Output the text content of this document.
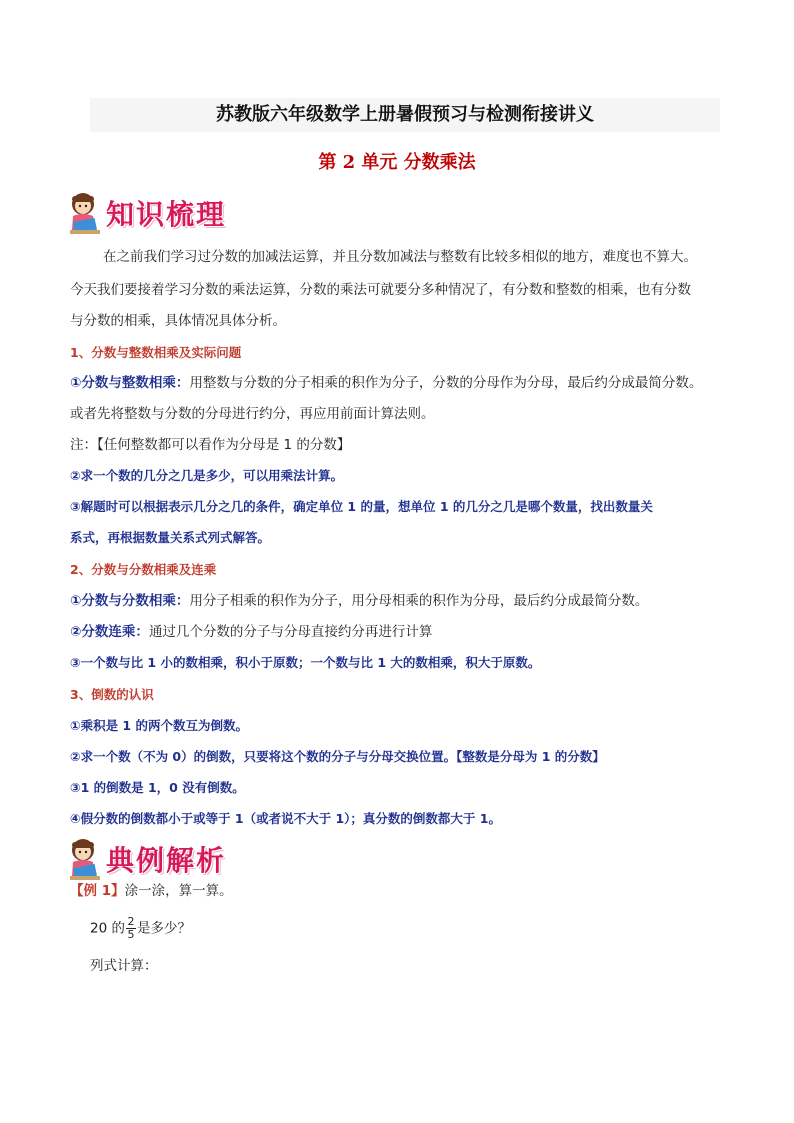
苏教版六年级数学上册暑假预习与检测衔接讲义
第 2 单元 分数乘法
知识梳理
在之前我们学习过分数的加减法运算，并且分数加减法与整数有比较多相似的地方，难度也不算大。
今天我们要接着学习分数的乘法运算，分数的乘法可就要分多种情况了，有分数和整数的相乘，也有分数
与分数的相乘，具体情况具体分析。
1、分数与整数相乘及实际问题
①分数与整数相乘：用整数与分数的分子相乘的积作为分子，分数的分母作为分母，最后约分成最简分数。
或者先将整数与分数的分母进行约分，再应用前面计算法则。
注：【任何整数都可以看作为分母是 1 的分数】
②求一个数的几分之几是多少，可以用乘法计算。
③解题时可以根据表示几分之几的条件，确定单位 1 的量，想单位 1 的几分之几是哪个数量，找出数量关
系式，再根据数量关系式列式解答。
2、分数与分数相乘及连乘
①分数与分数相乘：用分子相乘的积作为分子，用分母相乘的积作为分母，最后约分成最简分数。
②分数连乘：通过几个分数的分子与分母直接约分再进行计算
③一个数与比 1 小的数相乘，积小于原数；一个数与比 1 大的数相乘，积大于原数。
3、倒数的认识
①乘积是 1 的两个数互为倒数。
②求一个数（不为 0）的倒数，只要将这个数的分子与分母交换位置。【整数是分母为 1 的分数】
③1 的倒数是 1，0 没有倒数。
④假分数的倒数都小于或等于 1（或者说不大于 1）；真分数的倒数都大于 1。
典例解析
【例 1】涂一涂，算一算。
20 的 $\frac{2}{5}$ 是多少？
列式计算：
